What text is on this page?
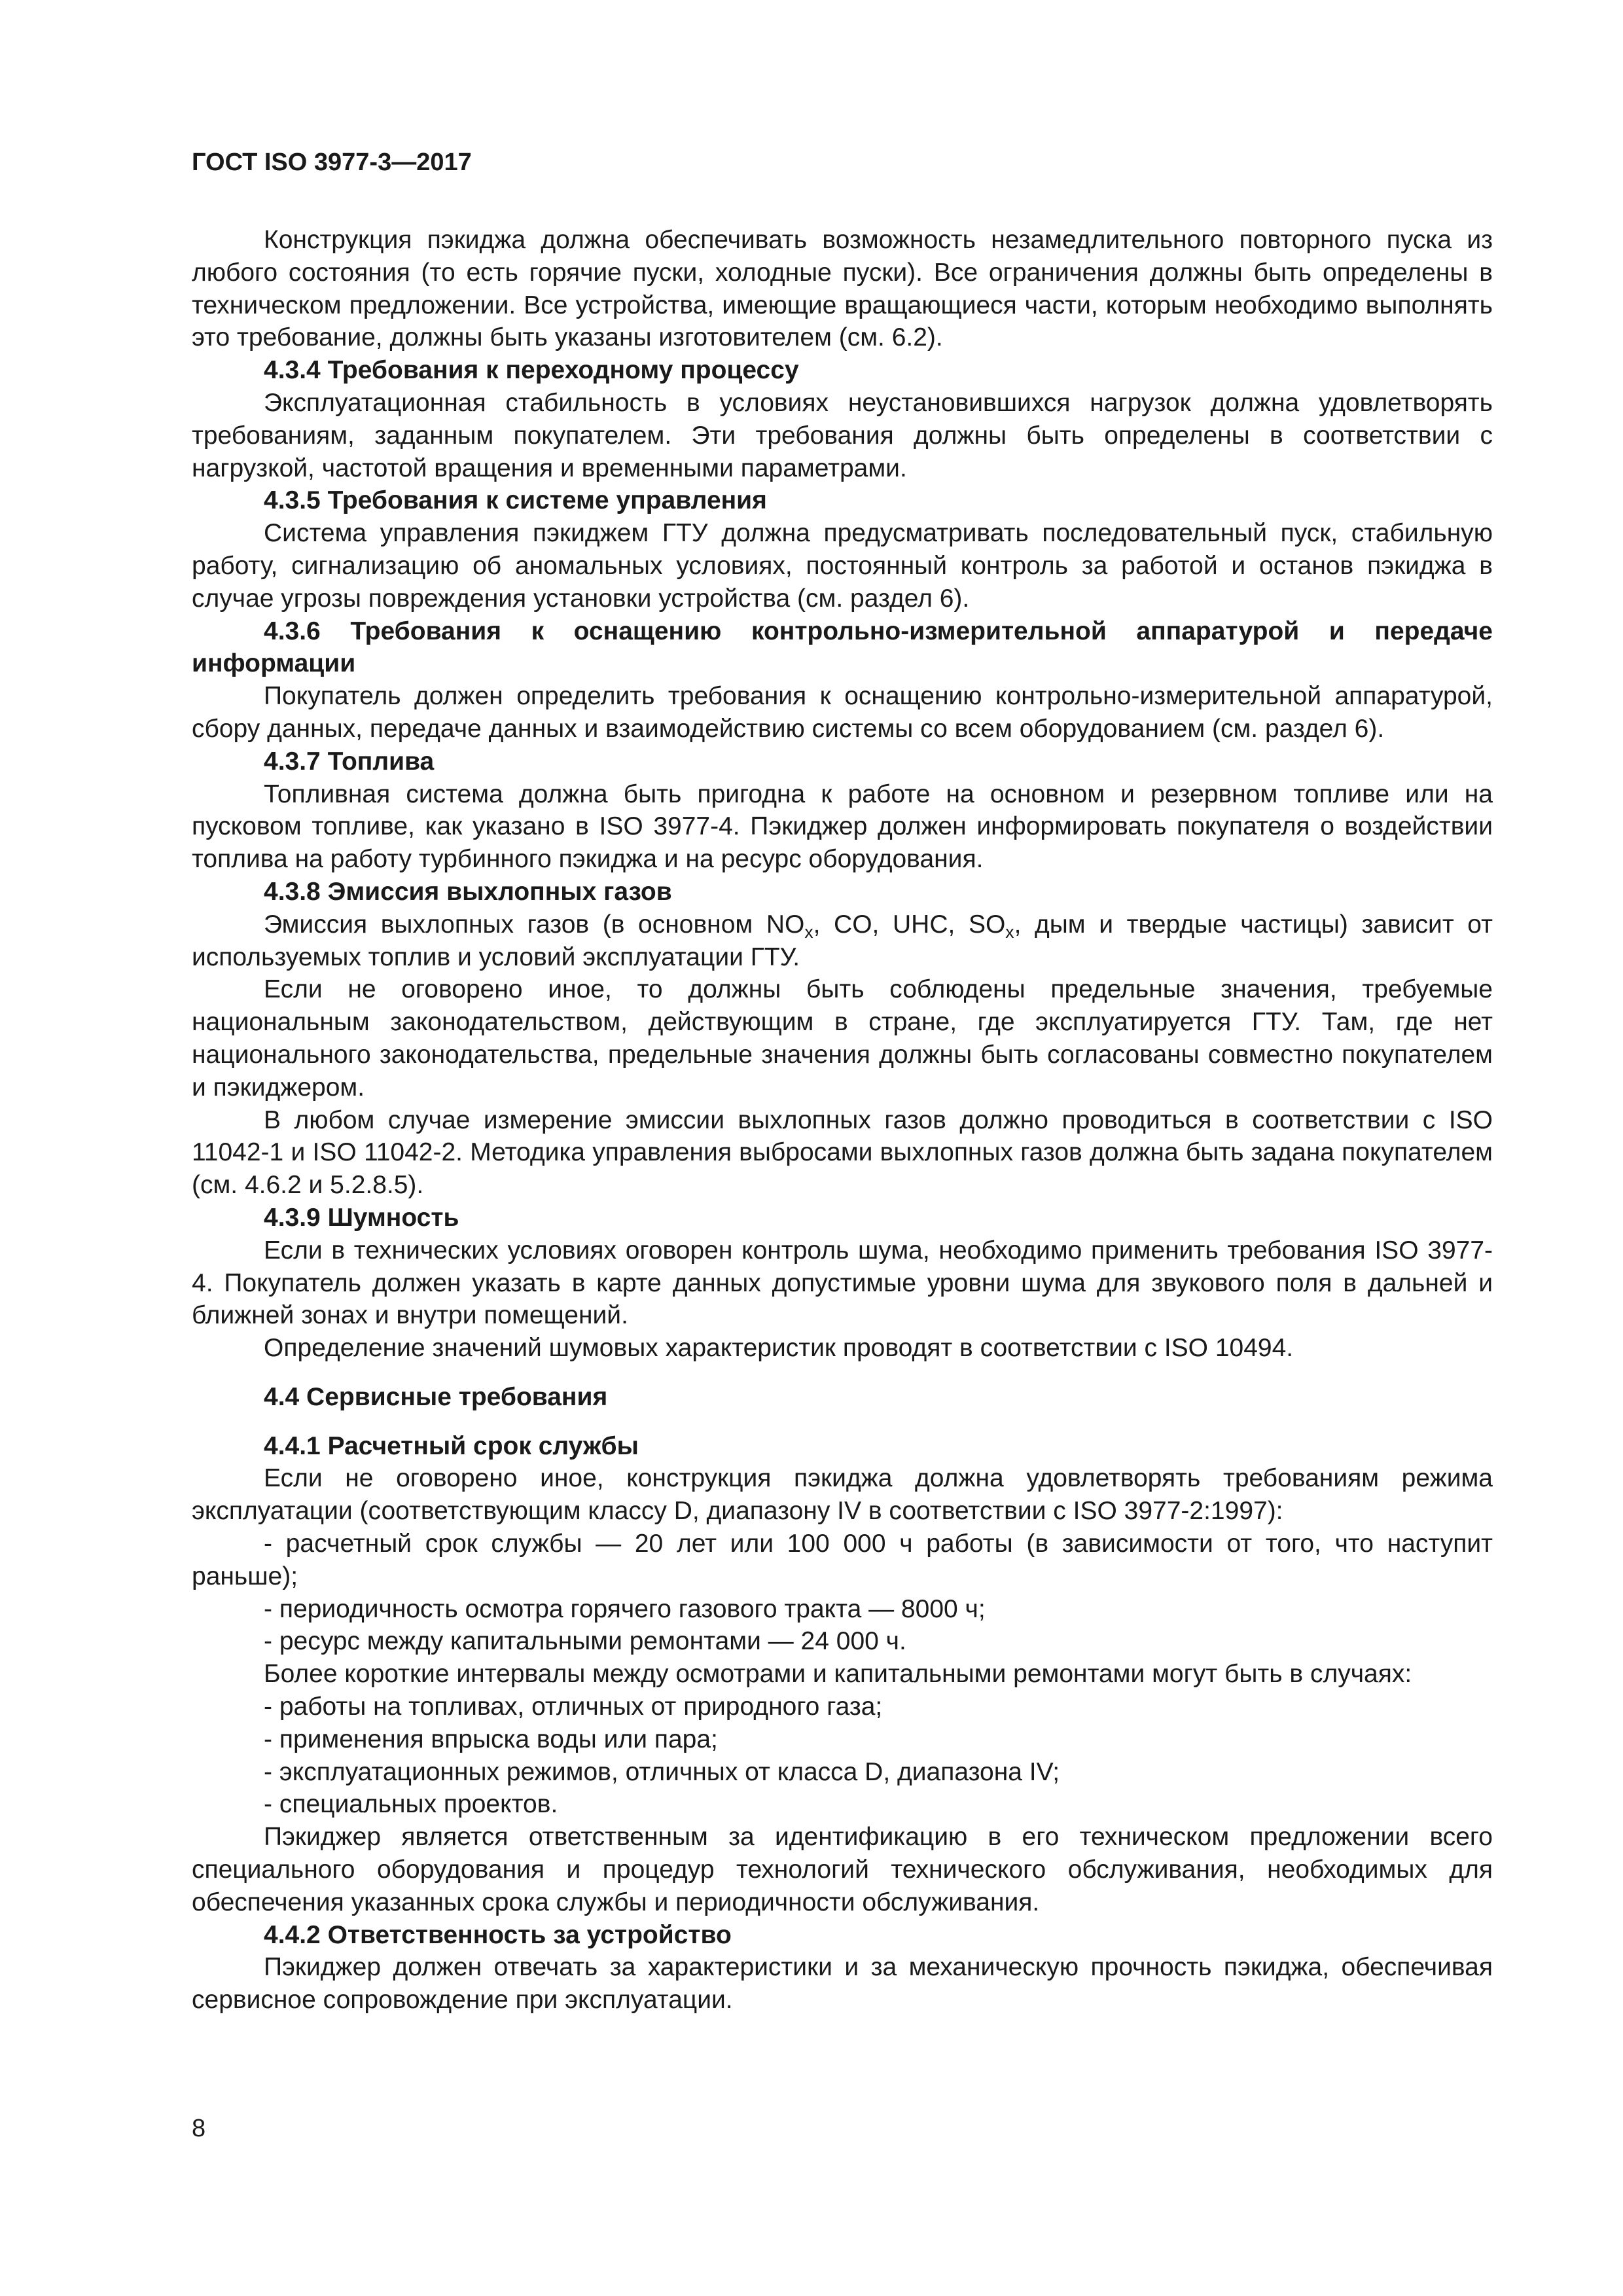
ГОСТ ISO 3977-3—2017

Конструкция пэкиджа должна обеспечивать возможность незамедлительного повторного пуска из любого состояния (то есть горячие пуски, холодные пуски). Все ограничения должны быть определены в техническом предложении. Все устройства, имеющие вращающиеся части, которым необходимо выполнять это требование, должны быть указаны изготовителем (см. 6.2).

4.3.4 Требования к переходному процессу

Эксплуатационная стабильность в условиях неустановившихся нагрузок должна удовлетворять требованиям, заданным покупателем. Эти требования должны быть определены в соответствии с нагрузкой, частотой вращения и временными параметрами.

4.3.5 Требования к системе управления

Система управления пэкиджем ГТУ должна предусматривать последовательный пуск, стабильную работу, сигнализацию об аномальных условиях, постоянный контроль за работой и останов пэкиджа в случае угрозы повреждения установки устройства (см. раздел 6).

4.3.6 Требования к оснащению контрольно-измерительной аппаратурой и передаче информации

Покупатель должен определить требования к оснащению контрольно-измерительной аппаратурой, сбору данных, передаче данных и взаимодействию системы со всем оборудованием (см. раздел 6).

4.3.7 Топлива

Топливная система должна быть пригодна к работе на основном и резервном топливе или на пусковом топливе, как указано в ISO 3977-4. Пэкиджер должен информировать покупателя о воздействии топлива на работу турбинного пэкиджа и на ресурс оборудования.

4.3.8 Эмиссия выхлопных газов

Эмиссия выхлопных газов (в основном $NO_x$, CO, UHC, $SO_x$, дым и твердые частицы) зависит от используемых топлив и условий эксплуатации ГТУ.

Если не оговорено иное, то должны быть соблюдены предельные значения, требуемые национальным законодательством, действующим в стране, где эксплуатируется ГТУ. Там, где нет национального законодательства, предельные значения должны быть согласованы совместно покупателем и пэкиджером.

В любом случае измерение эмиссии выхлопных газов должно проводиться в соответствии с ISO 11042-1 и ISO 11042-2. Методика управления выбросами выхлопных газов должна быть задана покупателем (см. 4.6.2 и 5.2.8.5).

4.3.9 Шумность

Если в технических условиях оговорен контроль шума, необходимо применить требования ISO 3977-4. Покупатель должен указать в карте данных допустимые уровни шума для звукового поля в дальней и ближней зонах и внутри помещений.

Определение значений шумовых характеристик проводят в соответствии с ISO 10494.

4.4 Сервисные требования

4.4.1 Расчетный срок службы

Если не оговорено иное, конструкция пэкиджа должна удовлетворять требованиям режима эксплуатации (соответствующим классу D, диапазону IV в соответствии с ISO 3977-2:1997):

- расчетный срок службы — 20 лет или 100 000 ч работы (в зависимости от того, что наступит раньше);

- периодичность осмотра горячего газового тракта — 8000 ч;

- ресурс между капитальными ремонтами — 24 000 ч.

Более короткие интервалы между осмотрами и капитальными ремонтами могут быть в случаях:

- работы на топливах, отличных от природного газа;

- применения впрыска воды или пара;

- эксплуатационных режимов, отличных от класса D, диапазона IV;

- специальных проектов.

Пэкиджер является ответственным за идентификацию в его техническом предложении всего специального оборудования и процедур технологий технического обслуживания, необходимых для обеспечения указанных срока службы и периодичности обслуживания.

4.4.2 Ответственность за устройство

Пэкиджер должен отвечать за характеристики и за механическую прочность пэкиджа, обеспечивая сервисное сопровождение при эксплуатации.

8
